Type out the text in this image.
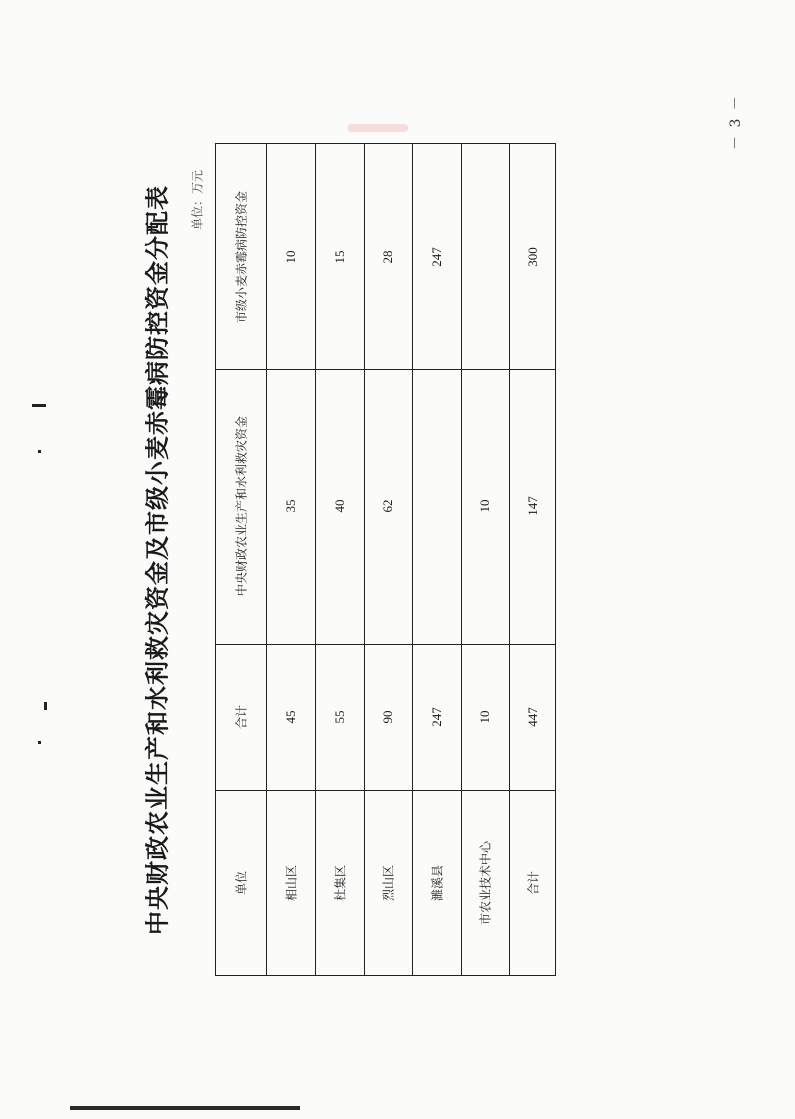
中央财政农业生产和水利救灾资金及市级小麦赤霉病防控资金分配表 单位：万元
－ 3 －
市级小麦赤霉病防控资金
中央财政农业生产和水利救灾资金
合计
单位
10
35
45
相山区
15
40
55
杜集区
28
62
90
烈山区
247
247
濉溪县
10
10
市农业技术中心
300
147
447
合计
